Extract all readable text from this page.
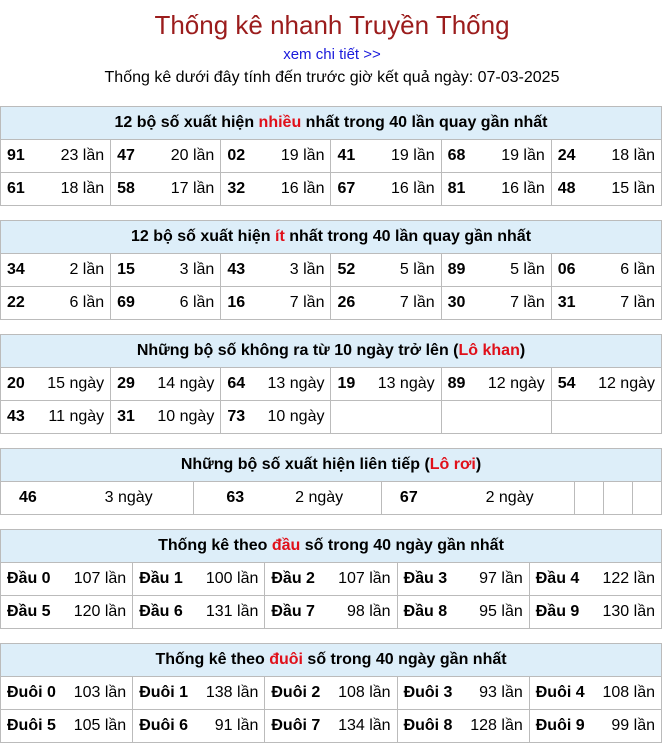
Thống kê nhanh Truyền Thống
xem chi tiết >>
Thống kê dưới đây tính đến trước giờ kết quả ngày: 07-03-2025
12 bộ số xuất hiện nhiều nhất trong 40 lần quay gần nhất					
91 23 lần	47 20 lần	02 19 lần	41 19 lần	68 19 lần	24 18 lần

61 18 lần	58 17 lần	32 16 lần	67 16 lần	81 16 lần	48 15 lần
12 bộ số xuất hiện ít nhất trong 40 lần quay gần nhất					
34 2 lần	15 3 lần	43 3 lần	52 5 lần	89 5 lần	06 6 lần

22 6 lần	69 6 lần	16 7 lần	26 7 lần	30 7 lần	31 7 lần
Những bộ số không ra từ 10 ngày trở lên (Lô khan)					
20 15 ngày	29 14 ngày	64 13 ngày	19 13 ngày	89 12 ngày	54 12 ngày

43 11 ngày	31 10 ngày	73 10 ngày			

Những bộ số xuất hiện liên tiếp (Lô rơi)
46	3 ngày	63	2 ngày	67	2 ngày			
Thống kê theo đầu số trong 40 ngày gần nhất				
Đầu 0 107 lần	Đầu 1 100 lần	Đầu 2 107 lần	Đầu 3 97 lần	Đầu 4 122 lần

Đầu 5 120 lần	Đầu 6 131 lần	Đầu 7 98 lần	Đầu 8 95 lần	Đầu 9 130 lần
Thống kê theo đuôi số trong 40 ngày gần nhất				
Đuôi 0 103 lần	Đuôi 1 138 lần	Đuôi 2 108 lần	Đuôi 3 93 lần	Đuôi 4 108 lần

Đuôi 5 105 lần	Đuôi 6 91 lần	Đuôi 7 134 lần	Đuôi 8 128 lần	Đuôi 9 99 lần
